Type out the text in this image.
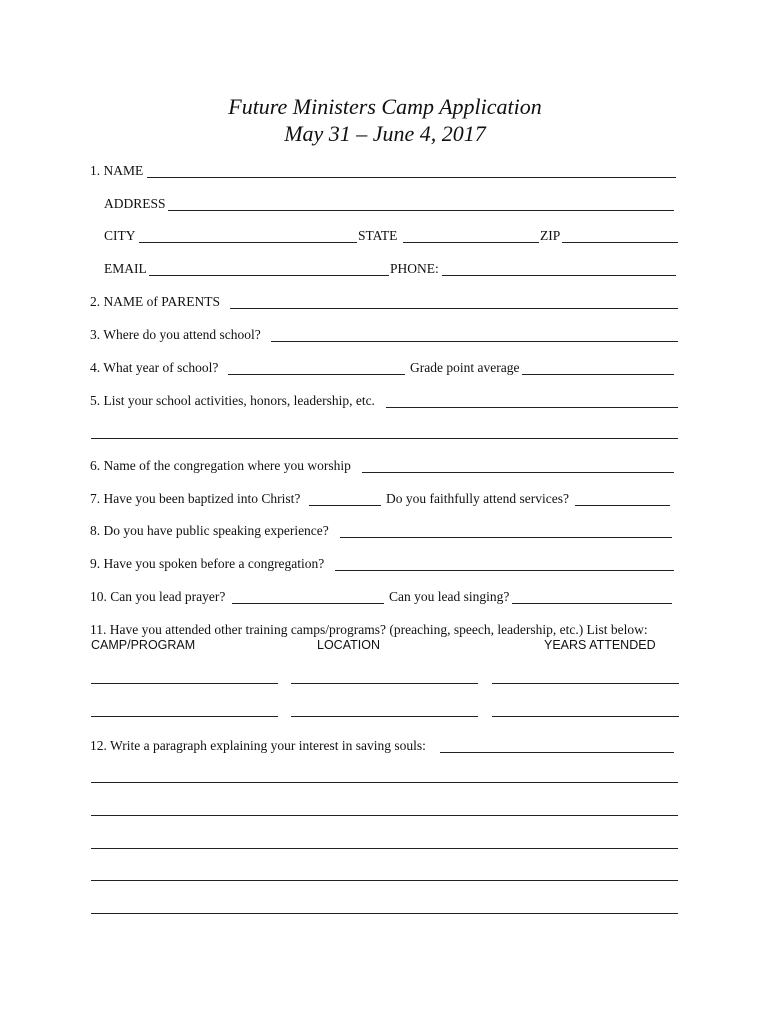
Future Ministers Camp Application
May 31 – June 4, 2017
1. NAME
ADDRESS
CITY	STATE	ZIP
EMAIL	PHONE:
2. NAME of PARENTS
3. Where do you attend school?
4. What year of school?	Grade point average
5. List your school activities, honors, leadership, etc.
6. Name of the congregation where you worship
7. Have you been baptized into Christ?	Do you faithfully attend services?
8. Do you have public speaking experience?
9. Have you spoken before a congregation?
10. Can you lead prayer?	Can you lead singing?
11. Have you attended other training camps/programs? (preaching, speech, leadership, etc.) List below:
CAMP/PROGRAM	LOCATION	YEARS ATTENDED
12. Write a paragraph explaining your interest in saving souls:
